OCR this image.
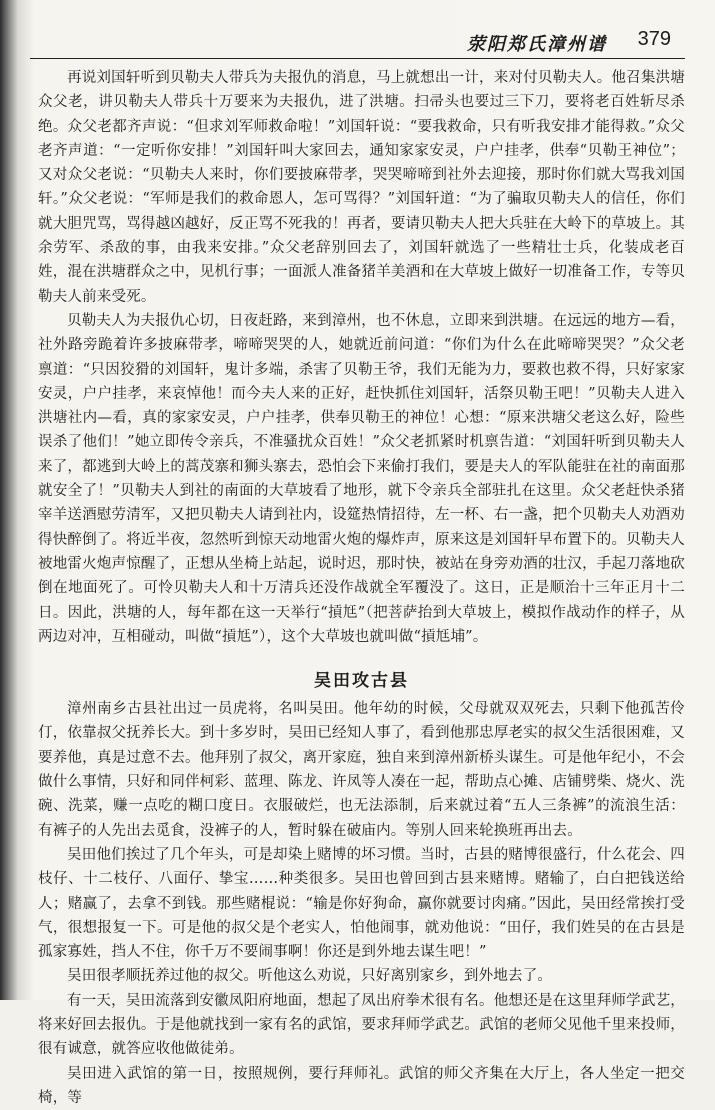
荥阳郑氏漳州谱 379

再说刘国轩听到贝勒夫人带兵为夫报仇的消息，马上就想出一计，来对付贝勒夫人。他召集洪塘众父老，讲贝勒夫人带兵十万要来为夫报仇，进了洪塘。扫帚头也要过三下刀，要将老百姓斩尽杀绝。众父老都齐声说：“但求刘军师救命啦！”刘国轩说：“要我救命，只有听我安排才能得救。”众父老齐声道：“一定听你安排！”刘国轩叫大家回去，通知家家安灵，户户挂孝，供奉“贝勒王神位”；又对众父老说：“贝勒夫人来时，你们要披麻带孝，哭哭啼啼到社外去迎接，那时你们就大骂我刘国轩。”众父老说：“军师是我们的救命恩人，怎可骂得？”刘国轩道：“为了骗取贝勒夫人的信任，你们就大胆咒骂，骂得越凶越好，反正骂不死我的！再者，要请贝勒夫人把大兵驻在大岭下的草坡上。其余劳军、杀敌的事，由我来安排。”众父老辞别回去了，刘国轩就选了一些精壮士兵，化装成老百姓，混在洪塘群众之中，见机行事；一面派人准备猪羊美酒和在大草坡上做好一切准备工作，专等贝勒夫人前来受死。

贝勒夫人为夫报仇心切，日夜赶路，来到漳州，也不休息，立即来到洪塘。在远远的地方—看，社外路旁跪着许多披麻带孝，啼啼哭哭的人，她就近前问道：“你们为什么在此啼啼哭哭？”众父老禀道：“只因狡猾的刘国轩，鬼计多端，杀害了贝勒王爷，我们无能为力，要救也救不得，只好家家安灵，户户挂孝，来哀悼他！而今夫人来的正好，赶快抓住刘国轩，活祭贝勒王吧！”贝勒夫人进入洪塘社内—看，真的家家安灵，户户挂孝，供奉贝勒王的神位！心想：“原来洪塘父老这么好，险些误杀了他们！”她立即传令亲兵，不准骚扰众百姓！”众父老抓紧时机禀告道：“刘国轩听到贝勒夫人来了，都逃到大岭上的蒿茂寨和狮头寨去，恐怕会下来偷打我们，要是夫人的军队能驻在社的南面那就安全了！”贝勒夫人到社的南面的大草坡看了地形，就下令亲兵全部驻扎在这里。众父老赶快杀猪宰羊送酒慰劳清军，又把贝勒夫人请到社内，设筵热情招待，左一杯、右一盏，把个贝勒夫人劝酒劝得快醉倒了。将近半夜，忽然听到惊天动地雷火炮的爆炸声，原来这是刘国轩早布置下的。贝勒夫人被地雷火炮声惊醒了，正想从坐椅上站起，说时迟，那时快，被站在身旁劝酒的壮汉，手起刀落地砍倒在地面死了。可怜贝勒夫人和十万清兵还没作战就全军覆没了。这日，正是顺治十三年正月十二日。因此，洪塘的人，每年都在这一天举行“摃尪”（把菩萨抬到大草坡上，模拟作战动作的样子，从两边对冲，互相碰动，叫做“摃尪”），这个大草坡也就叫做“摃尪埔”。

吴田攻古县

漳州南乡古县社出过一员虎将，名叫吴田。他年幼的时候，父母就双双死去，只剩下他孤苦伶仃，依靠叔父抚养长大。到十多岁时，吴田已经知人事了，看到他那忠厚老实的叔父生活很困难，又要养他，真是过意不去。他拜别了叔父，离开家庭，独自来到漳州新桥头谋生。可是他年纪小，不会做什么事情，只好和同伴柯彩、蓝理、陈龙、许凤等人凑在一起，帮助点心摊、店铺劈柴、烧火、洗碗、洗菜，赚一点吃的糊口度日。衣服破烂，也无法添制，后来就过着“五人三条裤”的流浪生活：有裤子的人先出去觅食，没裤子的人，暂时躲在破庙内。等别人回来轮换班再出去。

吴田他们挨过了几个年头，可是却染上赌博的坏习惯。当时，古县的赌博很盛行，什么花会、四枝仔、十二枝仔、八面仔、挚宝……种类很多。吴田也曾回到古县来赌博。赌输了，白白把钱送给人；赌赢了，去拿不到钱。那些赌棍说：“输是你好狗命，赢你就要讨肉痛。”因此，吴田经常挨打受气，很想报复一下。可是他的叔父是个老实人，怕他闹事，就劝他说：“田仔，我们姓吴的在古县是孤家寡姓，挡人不住，你千万不要闹事啊！你还是到外地去谋生吧！”

吴田很孝顺抚养过他的叔父。听他这么劝说，只好离别家乡，到外地去了。

有一天，吴田流落到安徽凤阳府地面，想起了凤出府拳术很有名。他想还是在这里拜师学武艺，将来好回去报仇。于是他就找到一家有名的武馆，要求拜师学武艺。武馆的老师父见他千里来投师，很有诚意，就答应收他做徒弟。

吴田进入武馆的第一日，按照规例，要行拜师礼。武馆的师父齐集在大厅上，各人坐定一把交椅，等
